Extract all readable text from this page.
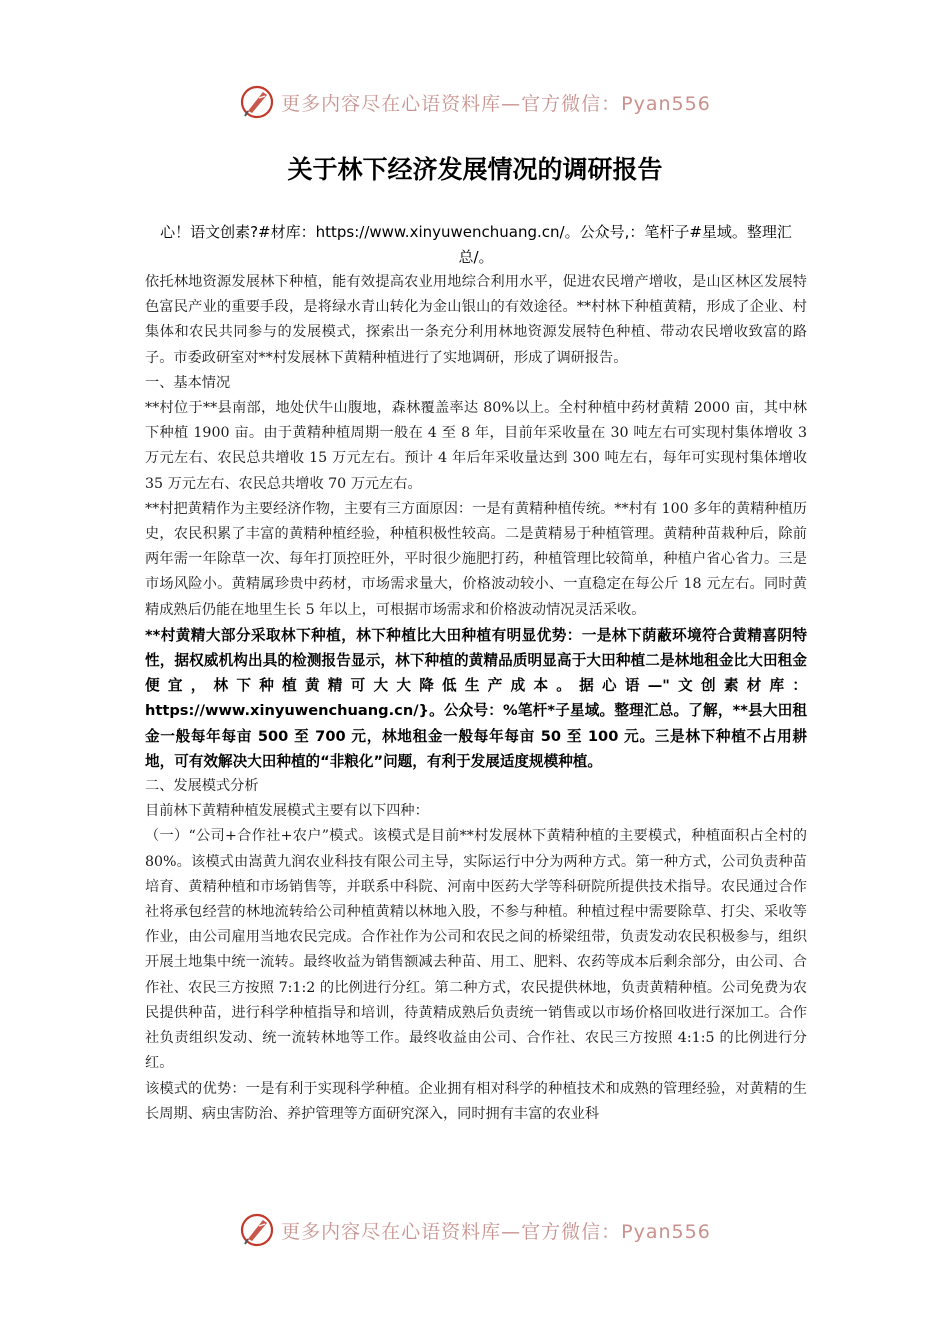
更多内容尽在心语资料库—官方微信：Pyan556
关于林下经济发展情况的调研报告

心！语文创素?#材库：https://www.xinyuwenchuang.cn/。公众号,：笔杆子#星域。整理汇总/。

依托林地资源发展林下种植，能有效提高农业用地综合利用水平，促进农民增产增收，是山区林区发展特色富民产业的重要手段，是将绿水青山转化为金山银山的有效途径。**村林下种植黄精，形成了企业、村集体和农民共同参与的发展模式，探索出一条充分利用林地资源发展特色种植、带动农民增收致富的路子。市委政研室对**村发展林下黄精种植进行了实地调研，形成了调研报告。

一、基本情况

**村位于**县南部，地处伏牛山腹地，森林覆盖率达 80%以上。全村种植中药材黄精 2000 亩，其中林下种植 1900 亩。由于黄精种植周期一般在 4 至 8 年，目前年采收量在 30 吨左右可实现村集体增收 3 万元左右、农民总共增收 15 万元左右。预计 4 年后年采收量达到 300 吨左右，每年可实现村集体增收 35 万元左右、农民总共增收 70 万元左右。

**村把黄精作为主要经济作物，主要有三方面原因：一是有黄精种植传统。**村有 100 多年的黄精种植历史，农民积累了丰富的黄精种植经验，种植积极性较高。二是黄精易于种植管理。黄精种苗栽种后，除前两年需一年除草一次、每年打顶控旺外，平时很少施肥打药，种植管理比较简单，种植户省心省力。三是市场风险小。黄精属珍贵中药材，市场需求量大，价格波动较小、一直稳定在每公斤 18 元左右。同时黄精成熟后仍能在地里生长 5 年以上，可根据市场需求和价格波动情况灵活采收。

**村黄精大部分采取林下种植，林下种植比大田种植有明显优势：一是林下荫蔽环境符合黄精喜阴特性，据权威机构出具的检测报告显示，林下种植的黄精品质明显高于大田种植二是林地租金比大田租金便宜，林下种植黄精可大大降低生产成本。据心语—"文创素材库：https://www.xinyuwenchuang.cn/}。公众号：%笔杆*子星域。整理汇总。了解，**县大田租金一般每年每亩 500 至 700 元，林地租金一般每年每亩 50 至 100 元。三是林下种植不占用耕地，可有效解决大田种植的“非粮化”问题，有利于发展适度规模种植。

二、发展模式分析

目前林下黄精种植发展模式主要有以下四种：

（一）“公司+合作社+农户”模式。该模式是目前**村发展林下黄精种植的主要模式，种植面积占全村的 80%。该模式由嵩黄九润农业科技有限公司主导，实际运行中分为两种方式。第一种方式，公司负责种苗培育、黄精种植和市场销售等，并联系中科院、河南中医药大学等科研院所提供技术指导。农民通过合作社将承包经营的林地流转给公司种植黄精以林地入股，不参与种植。种植过程中需要除草、打尖、采收等作业，由公司雇用当地农民完成。合作社作为公司和农民之间的桥梁纽带，负责发动农民积极参与，组织开展土地集中统一流转。最终收益为销售额减去种苗、用工、肥料、农药等成本后剩余部分，由公司、合作社、农民三方按照 7:1:2 的比例进行分红。第二种方式，农民提供林地，负责黄精种植。公司免费为农民提供种苗，进行科学种植指导和培训，待黄精成熟后负责统一销售或以市场价格回收进行深加工。合作社负责组织发动、统一流转林地等工作。最终收益由公司、合作社、农民三方按照 4:1:5 的比例进行分红。

该模式的优势：一是有利于实现科学种植。企业拥有相对科学的种植技术和成熟的管理经验，对黄精的生长周期、病虫害防治、养护管理等方面研究深入，同时拥有丰富的农业科

更多内容尽在心语资料库—官方微信：Pyan556
